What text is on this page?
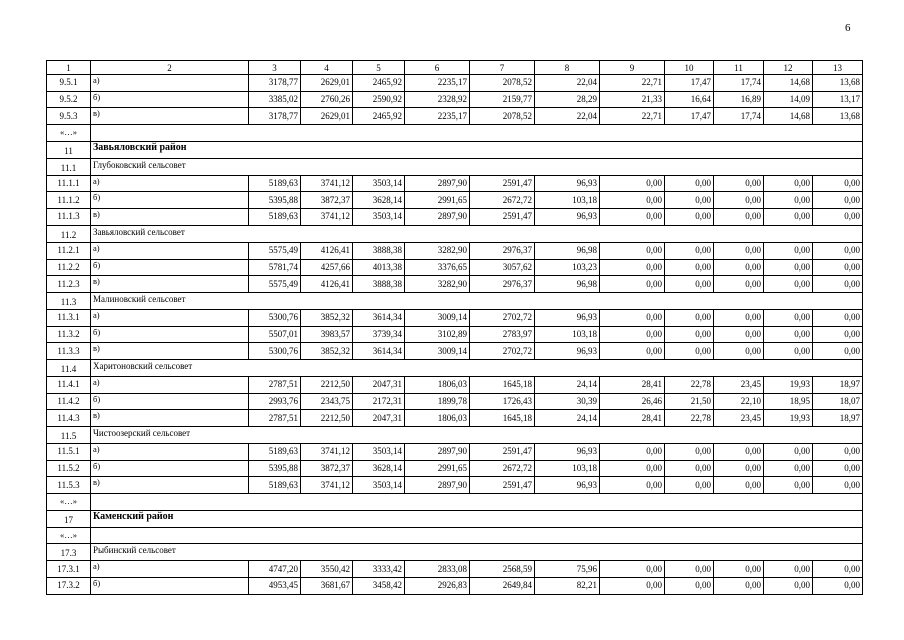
6
1	2	3	4	5	6	7	8	9	10	11	12	13
9.5.1	а)	3178,77	2629,01	2465,92	2235,17	2078,52	22,04	22,71	17,47	17,74	14,68	13,68
9.5.2	б)	3385,02	2760,26	2590,92	2328,92	2159,77	28,29	21,33	16,64	16,89	14,09	13,17
9.5.3	в)	3178,77	2629,01	2465,92	2235,17	2078,52	22,04	22,71	17,47	17,74	14,68	13,68
«…»												
11	Завьяловский район											
11.1	Глубоковский сельсовет											
11.1.1	а)	5189,63	3741,12	3503,14	2897,90	2591,47	96,93	0,00	0,00	0,00	0,00	0,00
11.1.2	б)	5395,88	3872,37	3628,14	2991,65	2672,72	103,18	0,00	0,00	0,00	0,00	0,00
11.1.3	в)	5189,63	3741,12	3503,14	2897,90	2591,47	96,93	0,00	0,00	0,00	0,00	0,00
11.2	Завьяловский сельсовет											
11.2.1	а)	5575,49	4126,41	3888,38	3282,90	2976,37	96,98	0,00	0,00	0,00	0,00	0,00
11.2.2	б)	5781,74	4257,66	4013,38	3376,65	3057,62	103,23	0,00	0,00	0,00	0,00	0,00
11.2.3	в)	5575,49	4126,41	3888,38	3282,90	2976,37	96,98	0,00	0,00	0,00	0,00	0,00
11.3	Малиновский сельсовет											
11.3.1	а)	5300,76	3852,32	3614,34	3009,14	2702,72	96,93	0,00	0,00	0,00	0,00	0,00
11.3.2	б)	5507,01	3983,57	3739,34	3102,89	2783,97	103,18	0,00	0,00	0,00	0,00	0,00
11.3.3	в)	5300,76	3852,32	3614,34	3009,14	2702,72	96,93	0,00	0,00	0,00	0,00	0,00
11.4	Харитоновский сельсовет											
11.4.1	а)	2787,51	2212,50	2047,31	1806,03	1645,18	24,14	28,41	22,78	23,45	19,93	18,97
11.4.2	б)	2993,76	2343,75	2172,31	1899,78	1726,43	30,39	26,46	21,50	22,10	18,95	18,07
11.4.3	в)	2787,51	2212,50	2047,31	1806,03	1645,18	24,14	28,41	22,78	23,45	19,93	18,97
11.5	Чистоозерский сельсовет											
11.5.1	а)	5189,63	3741,12	3503,14	2897,90	2591,47	96,93	0,00	0,00	0,00	0,00	0,00
11.5.2	б)	5395,88	3872,37	3628,14	2991,65	2672,72	103,18	0,00	0,00	0,00	0,00	0,00
11.5.3	в)	5189,63	3741,12	3503,14	2897,90	2591,47	96,93	0,00	0,00	0,00	0,00	0,00
«…»												
17	Каменский район											
«…»												
17.3	Рыбинский сельсовет											
17.3.1	а)	4747,20	3550,42	3333,42	2833,08	2568,59	75,96	0,00	0,00	0,00	0,00	0,00
17.3.2	б)	4953,45	3681,67	3458,42	2926,83	2649,84	82,21	0,00	0,00	0,00	0,00	0,00
